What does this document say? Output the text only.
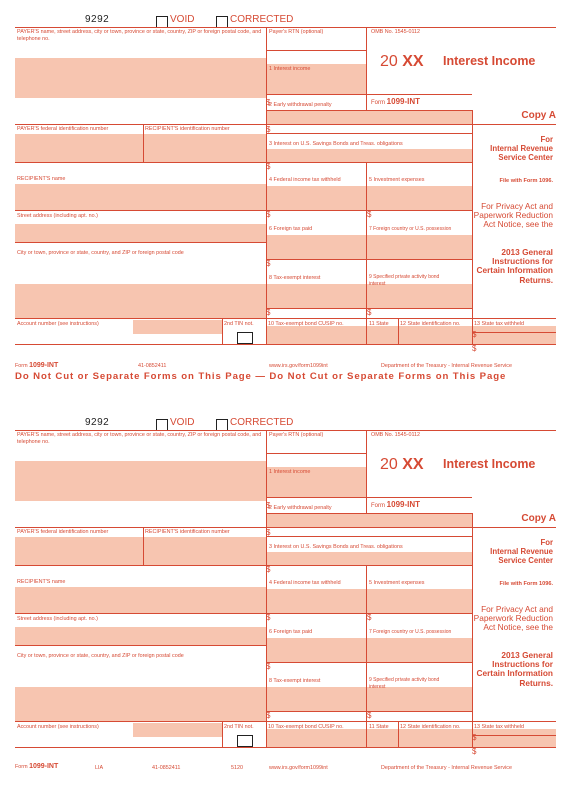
9292	VOID	CORRECTED
PAYER'S name, street address, city or town, province or state, country, ZIP or foreign postal code, and telephone no.
Payer's RTN (optional)	OMB No. 1545-0112
20 XX Interest Income
1 Interest income
$	Form 1099-INT
2 Early withdrawal penalty
$
Copy A
PAYER'S federal identification number	RECIPIENT'S identification number
3 Interest on U.S. Savings Bonds and Treas. obligations
$
For
Internal Revenue
Service Center
File with Form 1096.
RECIPIENT'S name	4 Federal income tax withheld	5 Investment expenses
$	$
For Privacy Act and Paperwork Reduction Act Notice, see the
2013 General Instructions for Certain Information Returns.
Street address (including apt. no.)
6 Foreign tax paid	7 Foreign country or U.S. possession
$
City or town, province or state, country, and ZIP or foreign postal code
8 Tax-exempt interest	9 Specified private activity bond interest
$	$
Account number (see instructions)	2nd TIN not.	10 Tax-exempt bond CUSIP no.	11 State 12 State identification no. 13 State tax withheld
$
$
Form 1099-INT	41-0852411	www.irs.gov/form1099int	Department of the Treasury - Internal Revenue Service
Do Not Cut or Separate Forms on This Page — Do Not Cut or Separate Forms on This Page
9292	VOID	CORRECTED
PAYER'S name, street address, city or town, province or state, country, ZIP or foreign postal code, and telephone no.
Payer's RTN (optional)	OMB No. 1545-0112
20 XX Interest Income
1 Interest income
$	Form 1099-INT
2 Early withdrawal penalty
$
Copy A
PAYER'S federal identification number	RECIPIENT'S identification number
3 Interest on U.S. Savings Bonds and Treas. obligations
$
For
Internal Revenue
Service Center
File with Form 1096.
RECIPIENT'S name	4 Federal income tax withheld	5 Investment expenses
$	$
For Privacy Act and Paperwork Reduction Act Notice, see the
2013 General Instructions for Certain Information Returns.
Street address (including apt. no.)
6 Foreign tax paid	7 Foreign country or U.S. possession
$
City or town, province or state, country, and ZIP or foreign postal code
8 Tax-exempt interest	9 Specified private activity bond interest
$	$
Account number (see instructions)	2nd TIN not.	10 Tax-exempt bond CUSIP no.	11 State 12 State identification no. 13 State tax withheld
$
$
Form 1099-INT	LIA	41-0852411	5120	www.irs.gov/form1099int	Department of the Treasury - Internal Revenue Service
